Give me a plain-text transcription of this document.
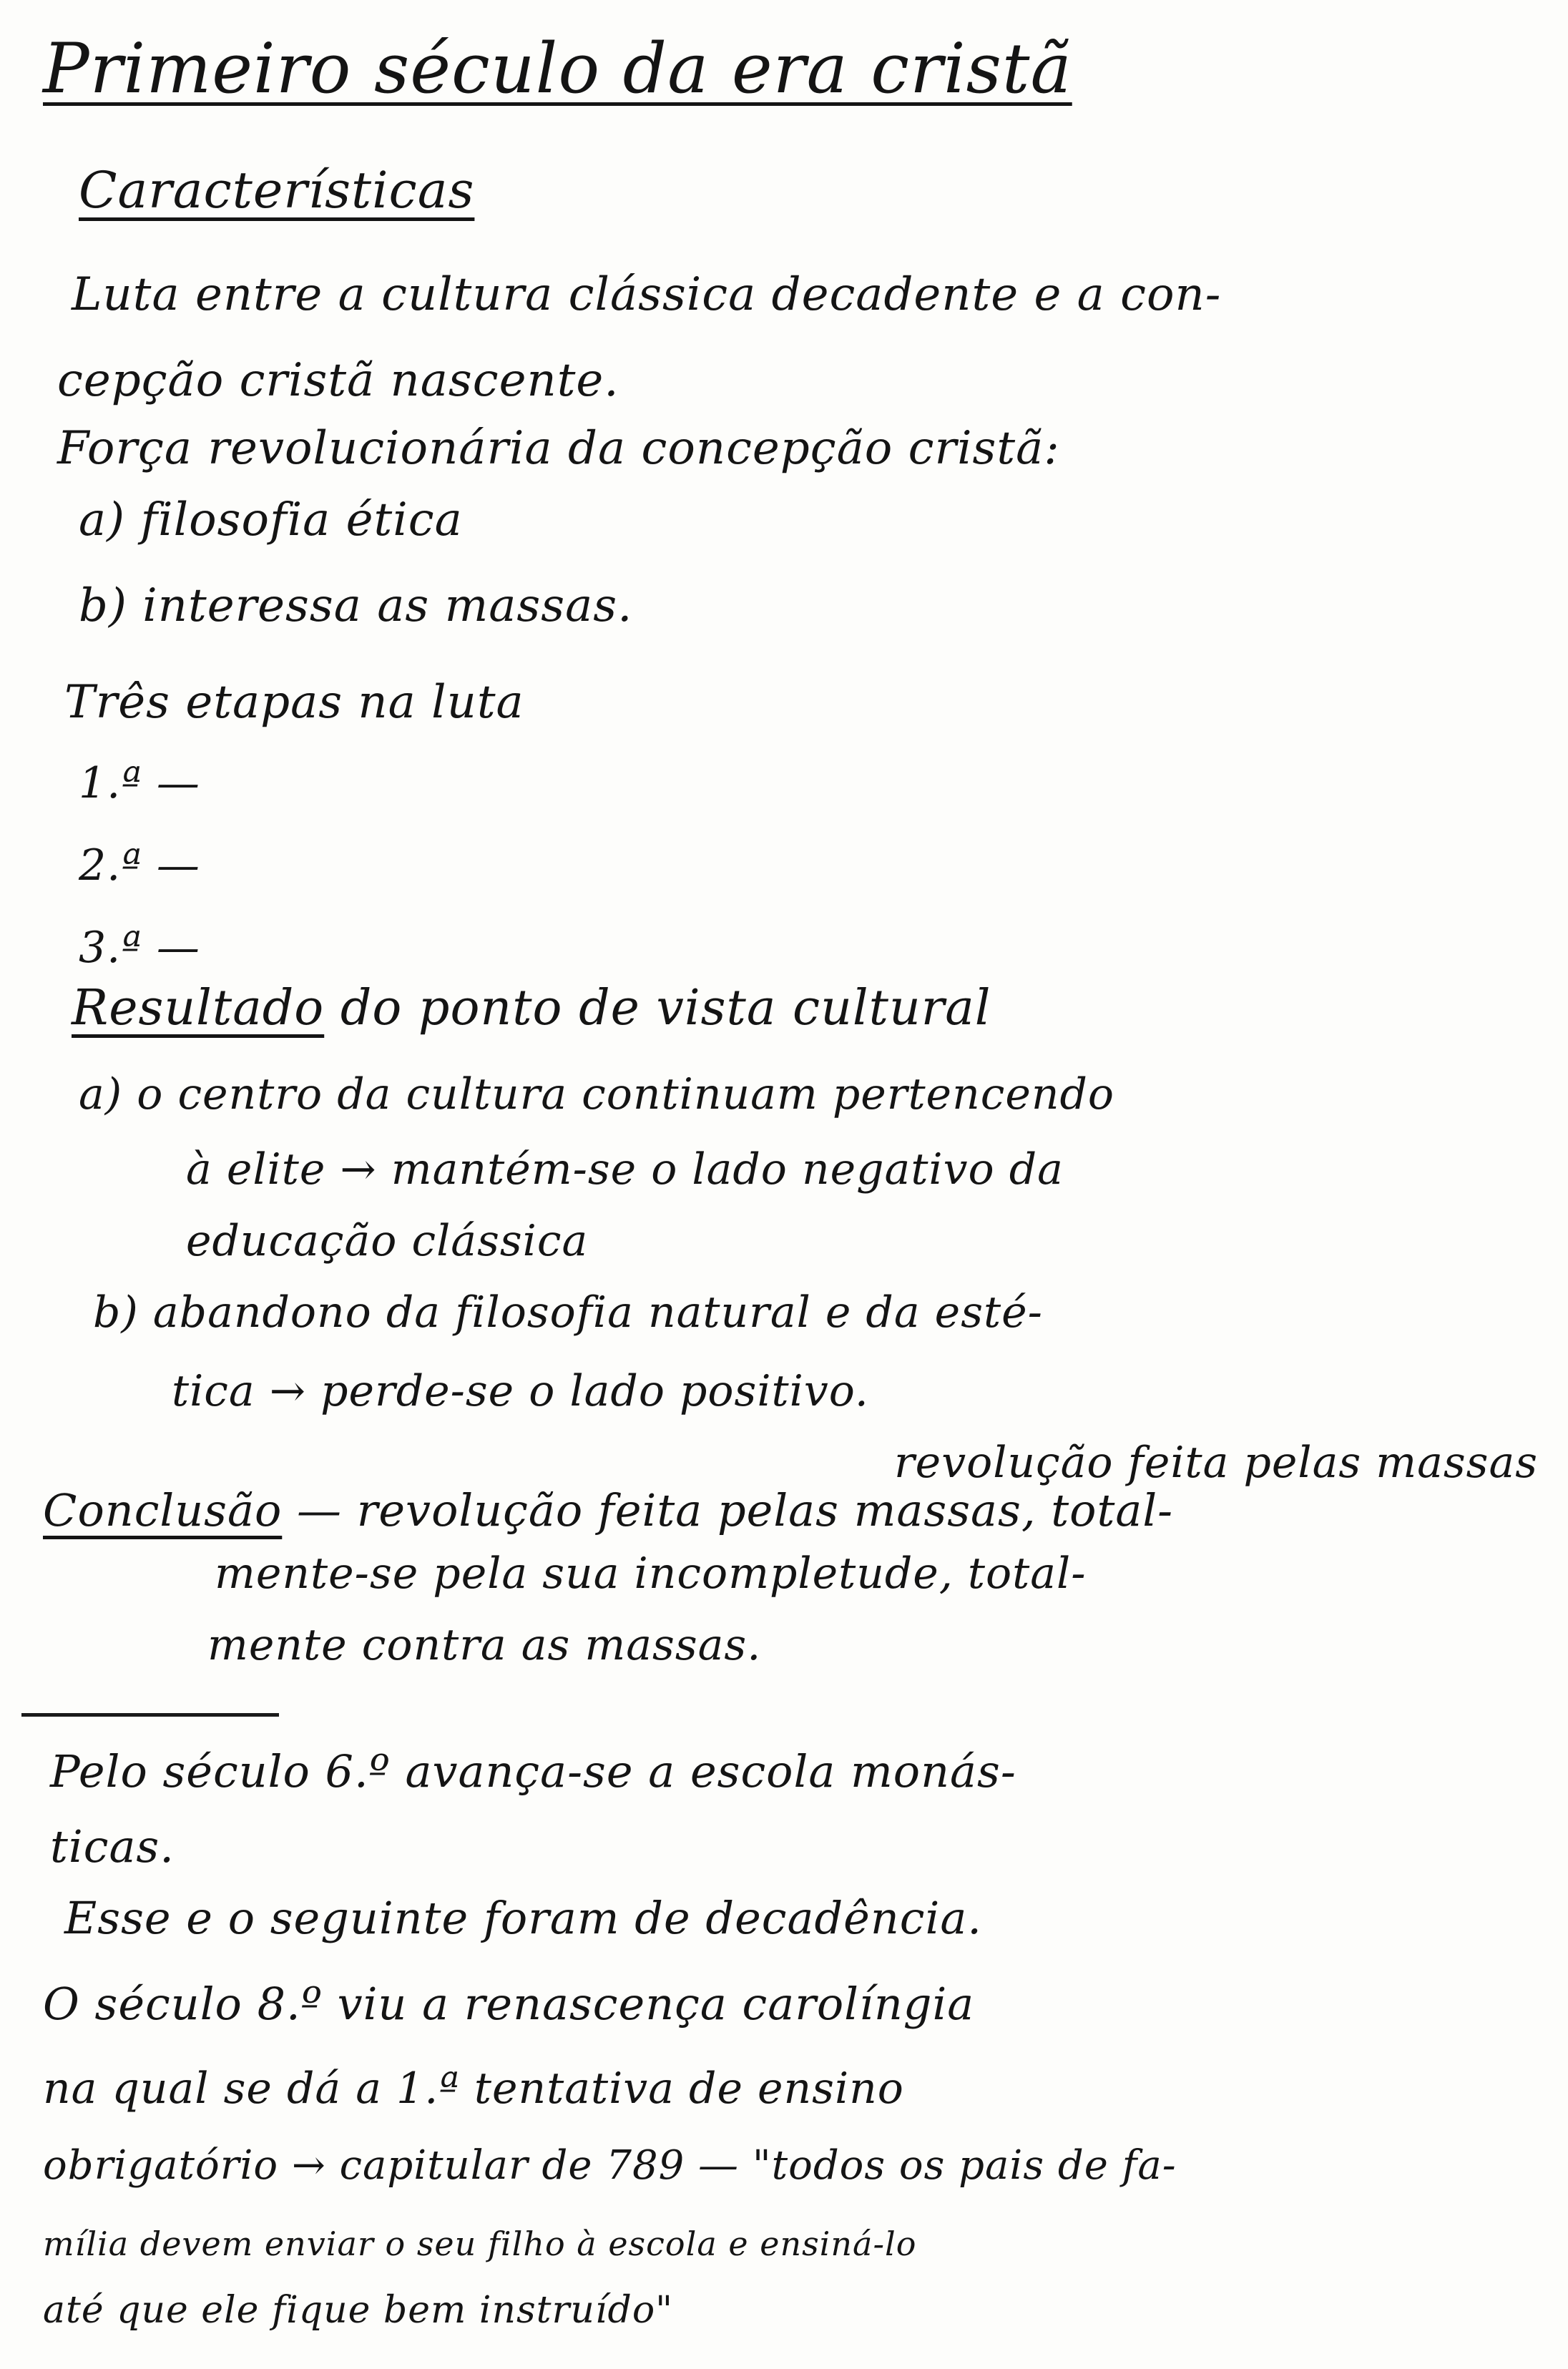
Primeiro século da era cristã
Características
Luta entre a cultura clássica decadente e a con-
cepção cristã nascente.
Força revolucionária da concepção cristã:
a) filosofia ética
b) interessa as massas.
Três etapas na luta
1.ª —
2.ª —
3.ª —
Resultado do ponto de vista cultural
a) o centro da cultura continuam pertencendo
à elite → mantém-se o lado negativo da
educação clássica
b) abandono da filosofia natural e da esté-
tica → perde-se o lado positivo.
revolução feita pelas massas
Conclusão — revolução feita pelas massas, total-
mente-se pela sua incompletude, total-
mente contra as massas.
Pelo século 6.º avança-se a escola monás-
ticas.
Esse e o seguinte foram de decadência.
O século 8.º viu a renascença carolíngia
na qual se dá a 1.ª tentativa de ensino
obrigatório → capitular de 789 — "todos os pais de fa-
mília devem enviar o seu filho à escola e ensiná-lo
até que ele fique bem instruído"
